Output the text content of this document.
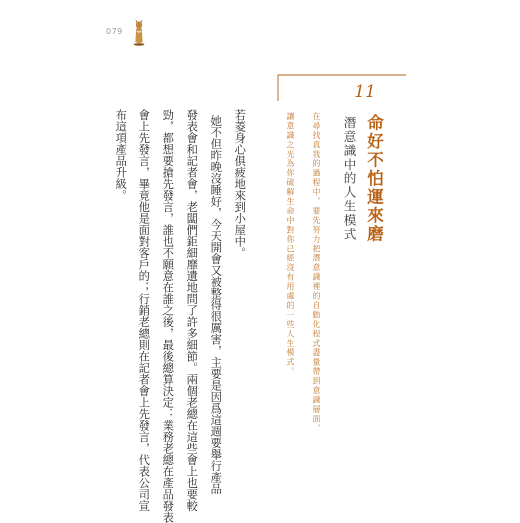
079
11
命好不怕運來磨
潛意識中的人生模式
在尋找真我的過程中，要先努力把潛意識裡的自動化程式盡量帶到意識層面，
讓意識之光為你破解生命中對你已經沒有用處的一些人生模式。
若菱身心俱疲地來到小屋中。
她不但昨晚沒睡好，今天開會又被整得很厲害，主要是因爲這週要舉行產品
發表會和記者會，老闆們鉅細靡遺地問了許多細節。兩個老總在這些會上也要較
勁，都想要搶先發言，誰也不願意在誰之後，最後總算決定：業務老總在產品發表
會上先發言，畢竟他是面對客戶的；行銷老總則在記者會上先發言，代表公司宣
布這項產品升級。
